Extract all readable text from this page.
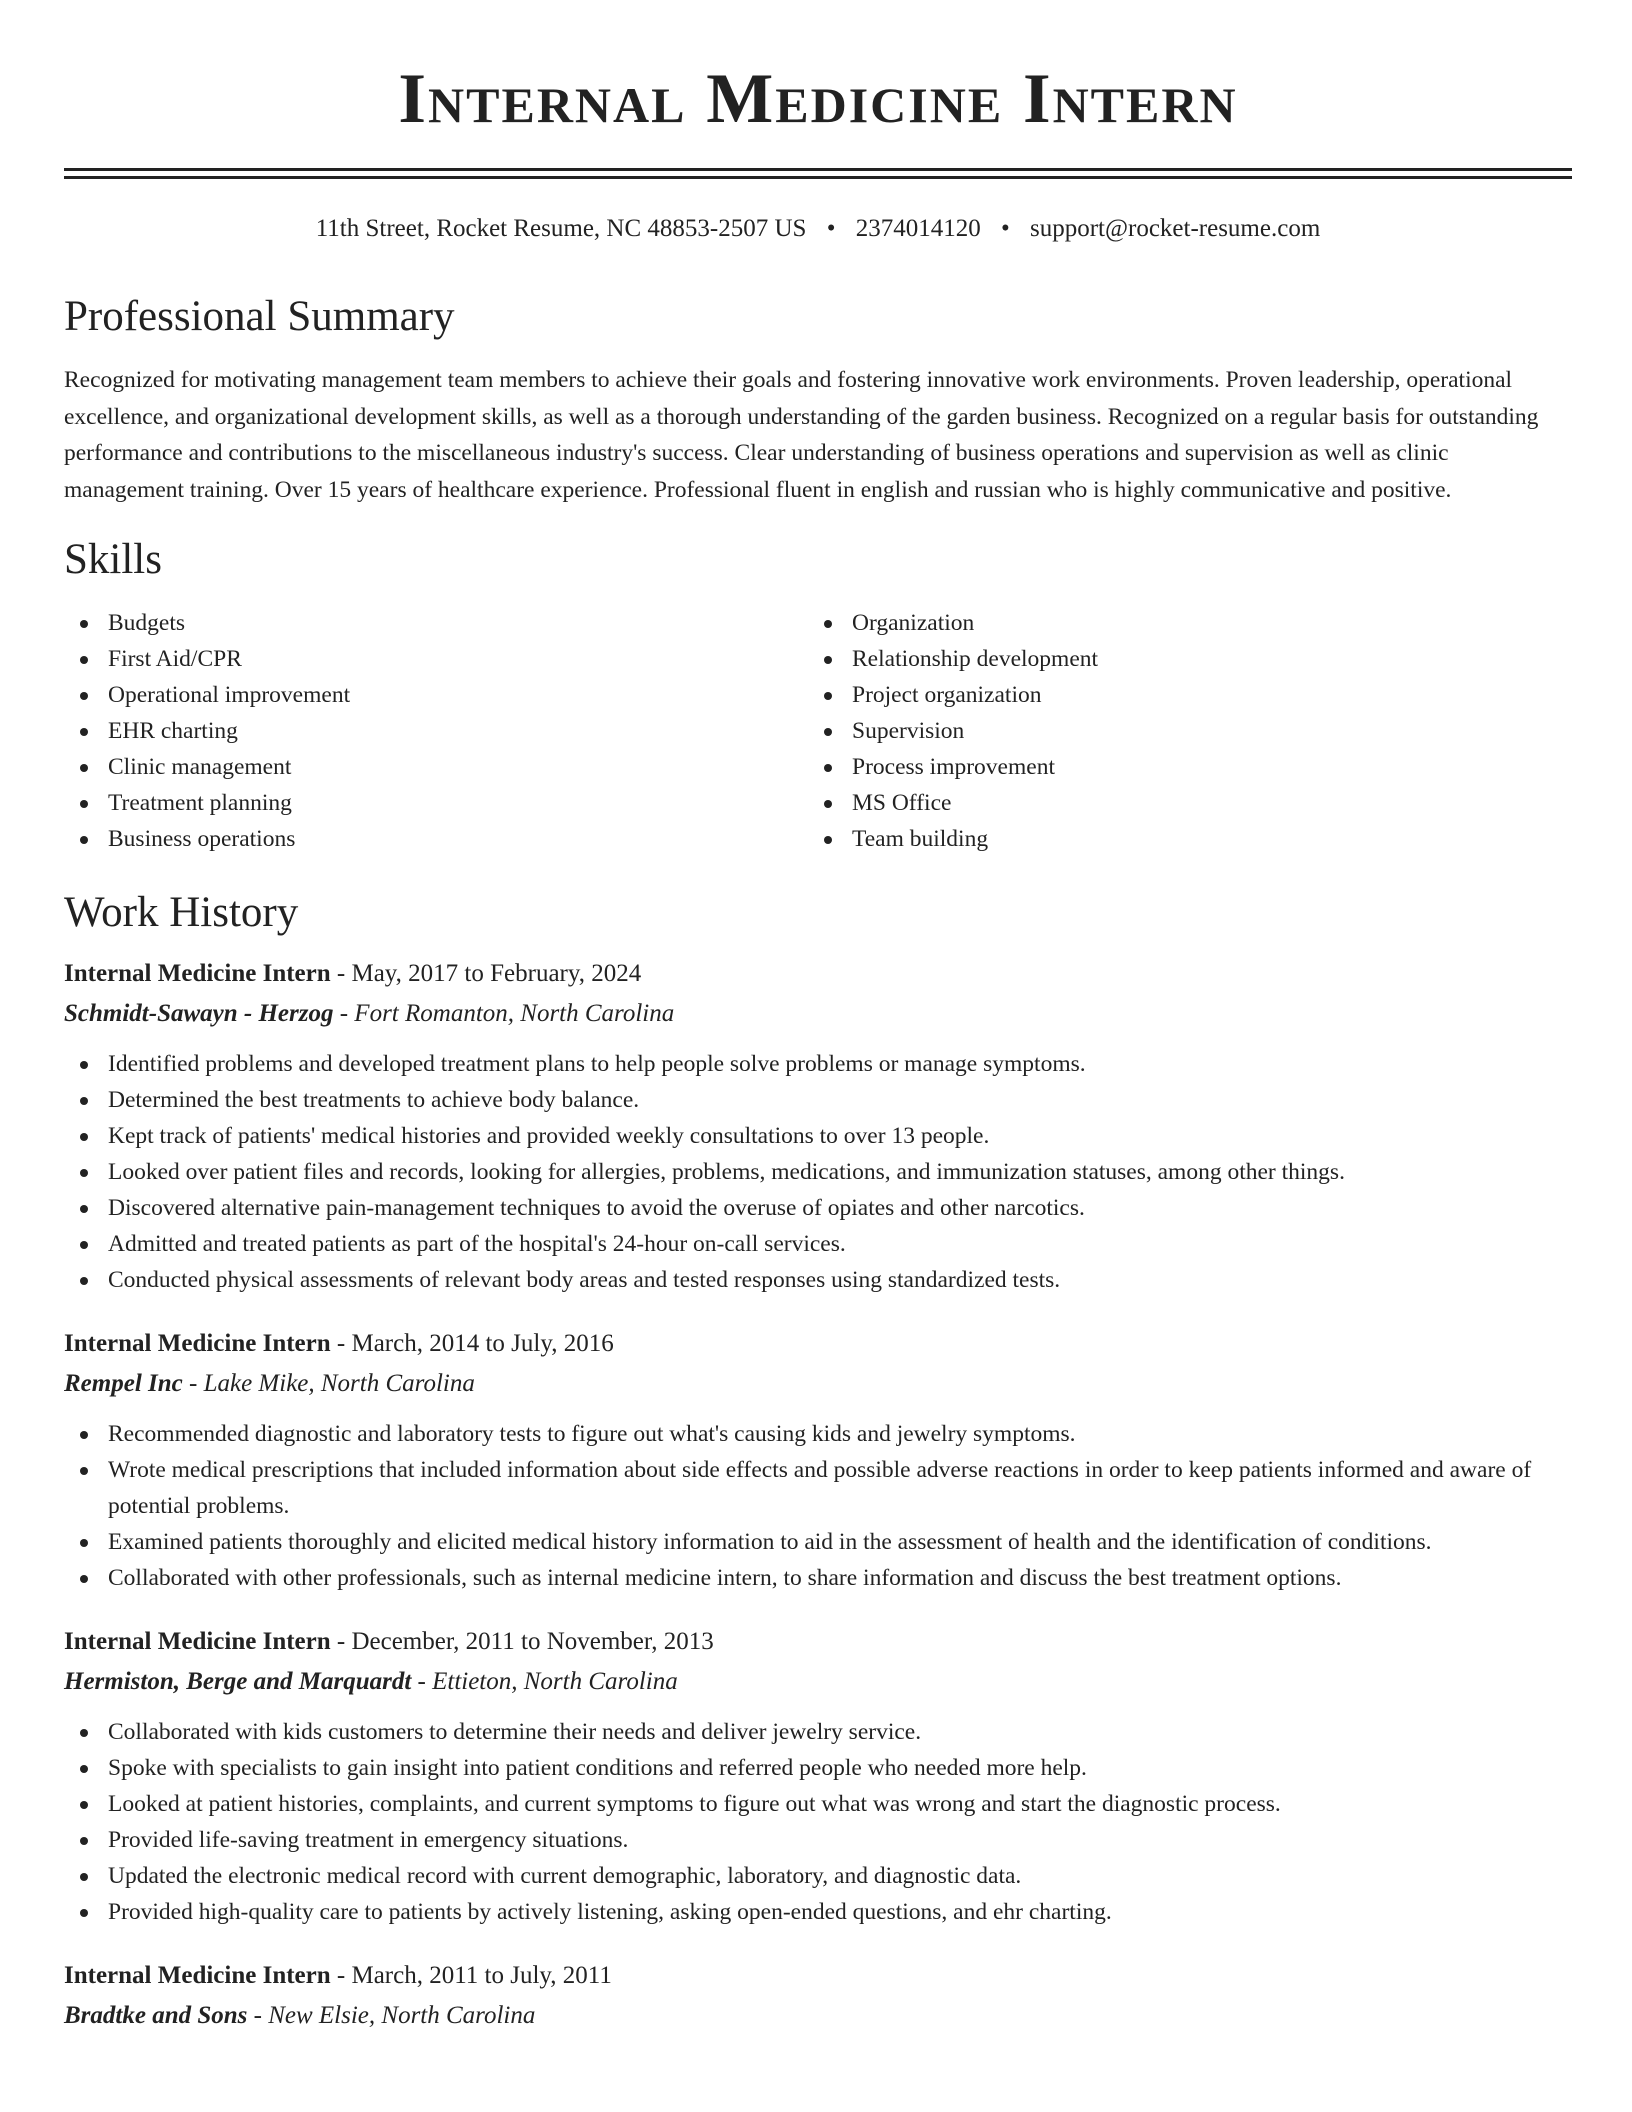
Internal Medicine Intern
11th Street, Rocket Resume, NC 48853-2507 US • 2374014120 • support@rocket-resume.com
Professional Summary

Recognized for motivating management team members to achieve their goals and fostering innovative work environments. Proven leadership, operational excellence, and organizational development skills, as well as a thorough understanding of the garden business. Recognized on a regular basis for outstanding performance and contributions to the miscellaneous industry's success. Clear understanding of business operations and supervision as well as clinic management training. Over 15 years of healthcare experience. Professional fluent in english and russian who is highly communicative and positive.

Skills
Budgets
First Aid/CPR
Operational improvement
EHR charting
Clinic management
Treatment planning
Business operations
Organization
Relationship development
Project organization
Supervision
Process improvement
MS Office
Team building
Work History
Internal Medicine Intern - May, 2017 to February, 2024
Schmidt-Sawayn - Herzog - Fort Romanton, North Carolina
Identified problems and developed treatment plans to help people solve problems or manage symptoms.
Determined the best treatments to achieve body balance.
Kept track of patients' medical histories and provided weekly consultations to over 13 people.
Looked over patient files and records, looking for allergies, problems, medications, and immunization statuses, among other things.
Discovered alternative pain-management techniques to avoid the overuse of opiates and other narcotics.
Admitted and treated patients as part of the hospital's 24-hour on-call services.
Conducted physical assessments of relevant body areas and tested responses using standardized tests.
Internal Medicine Intern - March, 2014 to July, 2016
Rempel Inc - Lake Mike, North Carolina
Recommended diagnostic and laboratory tests to figure out what's causing kids and jewelry symptoms.
Wrote medical prescriptions that included information about side effects and possible adverse reactions in order to keep patients informed and aware of potential problems.
Examined patients thoroughly and elicited medical history information to aid in the assessment of health and the identification of conditions.
Collaborated with other professionals, such as internal medicine intern, to share information and discuss the best treatment options.
Internal Medicine Intern - December, 2011 to November, 2013
Hermiston, Berge and Marquardt - Ettieton, North Carolina
Collaborated with kids customers to determine their needs and deliver jewelry service.
Spoke with specialists to gain insight into patient conditions and referred people who needed more help.
Looked at patient histories, complaints, and current symptoms to figure out what was wrong and start the diagnostic process.
Provided life-saving treatment in emergency situations.
Updated the electronic medical record with current demographic, laboratory, and diagnostic data.
Provided high-quality care to patients by actively listening, asking open-ended questions, and ehr charting.
Internal Medicine Intern - March, 2011 to July, 2011
Bradtke and Sons - New Elsie, North Carolina
